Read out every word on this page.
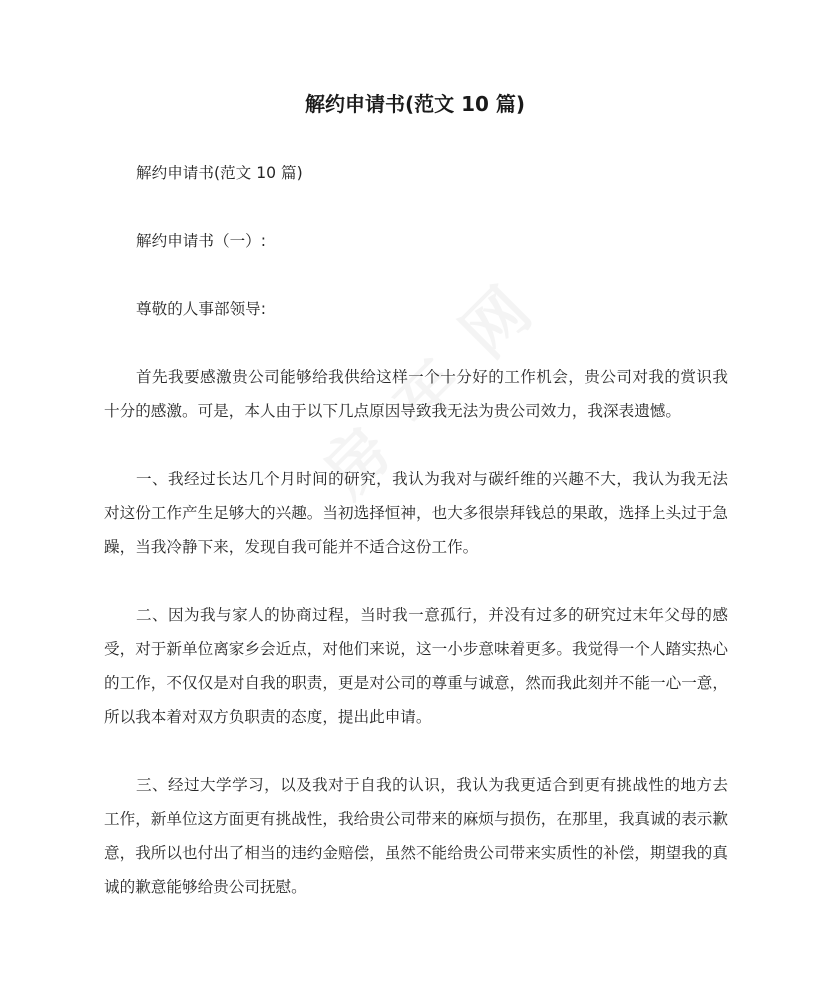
解约申请书(范文 10 篇)

解约申请书(范文 10 篇)

解约申请书（一）:

尊敬的人事部领导:

首先我要感激贵公司能够给我供给这样一个十分好的工作机会，贵公司对我的赏识我十分的感激。可是，本人由于以下几点原因导致我无法为贵公司效力，我深表遗憾。

一、我经过长达几个月时间的研究，我认为我对与碳纤维的兴趣不大，我认为我无法对这份工作产生足够大的兴趣。当初选择恒神，也大多很崇拜钱总的果敢，选择上头过于急躁，当我冷静下来，发现自我可能并不适合这份工作。

二、因为我与家人的协商过程，当时我一意孤行，并没有过多的研究过末年父母的感受，对于新单位离家乡会近点，对他们来说，这一小步意味着更多。我觉得一个人踏实热心的工作，不仅仅是对自我的职责，更是对公司的尊重与诚意，然而我此刻并不能一心一意，所以我本着对双方负职责的态度，提出此申请。

三、经过大学学习，以及我对于自我的认识，我认为我更适合到更有挑战性的地方去工作，新单位这方面更有挑战性，我给贵公司带来的麻烦与损伤，在那里，我真诚的表示歉意，我所以也付出了相当的违约金赔偿，虽然不能给贵公司带来实质性的补偿，期望我的真诚的歉意能够给贵公司抚慰。
